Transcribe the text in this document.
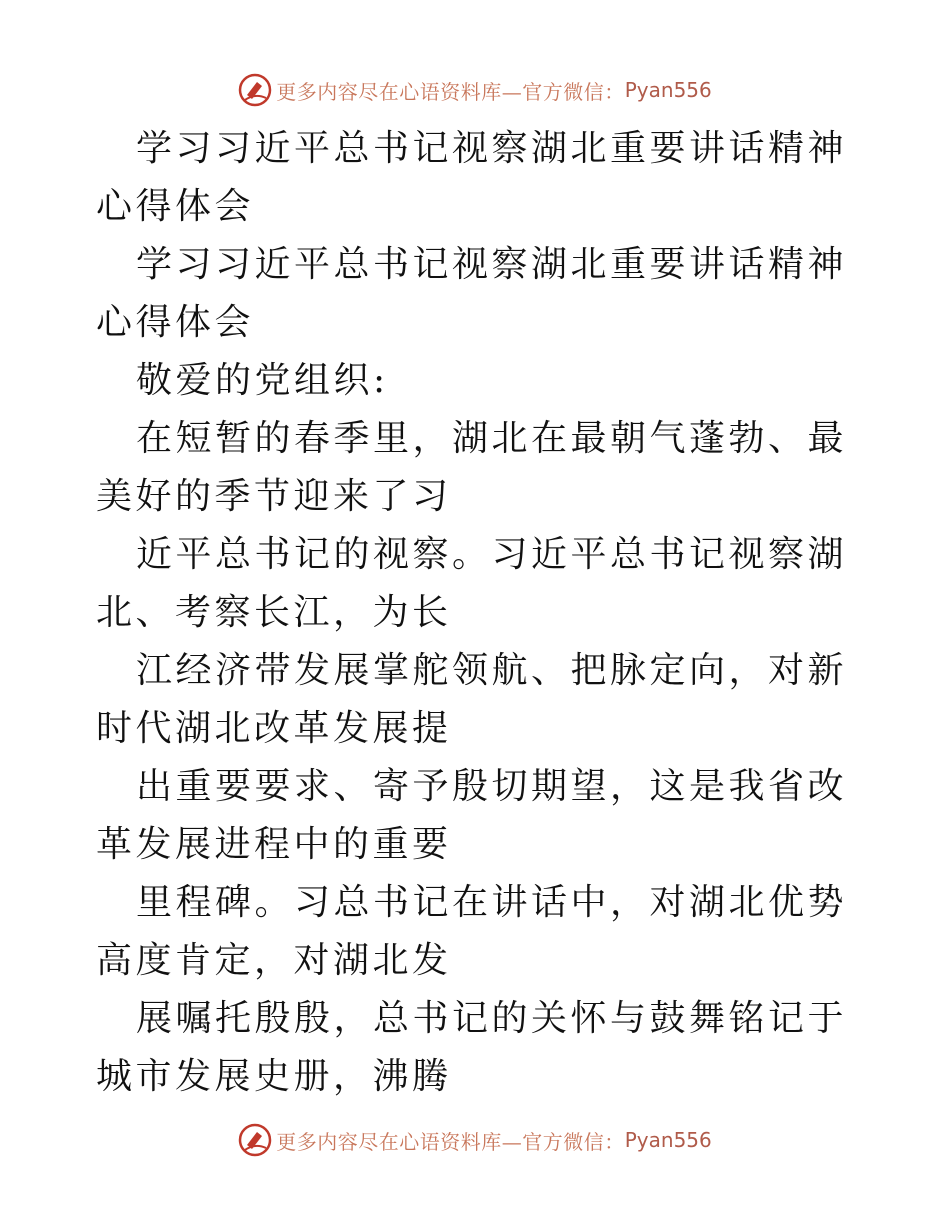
更多内容尽在心语资料库—官方微信： Pyan556

学习习近平总书记视察湖北重要讲话精神心得体会

学习习近平总书记视察湖北重要讲话精神心得体会

敬爱的党组织:

在短暂的春季里，湖北在最朝气蓬勃、最美好的季节迎来了习

近平总书记的视察。习近平总书记视察湖北、考察长江，为长

江经济带发展掌舵领航、把脉定向，对新时代湖北改革发展提

出重要要求、寄予殷切期望，这是我省改革发展进程中的重要

里程碑。习总书记在讲话中，对湖北优势高度肯定，对湖北发

展嘱托殷殷，总书记的关怀与鼓舞铭记于城市发展史册，沸腾

更多内容尽在心语资料库—官方微信： Pyan556
